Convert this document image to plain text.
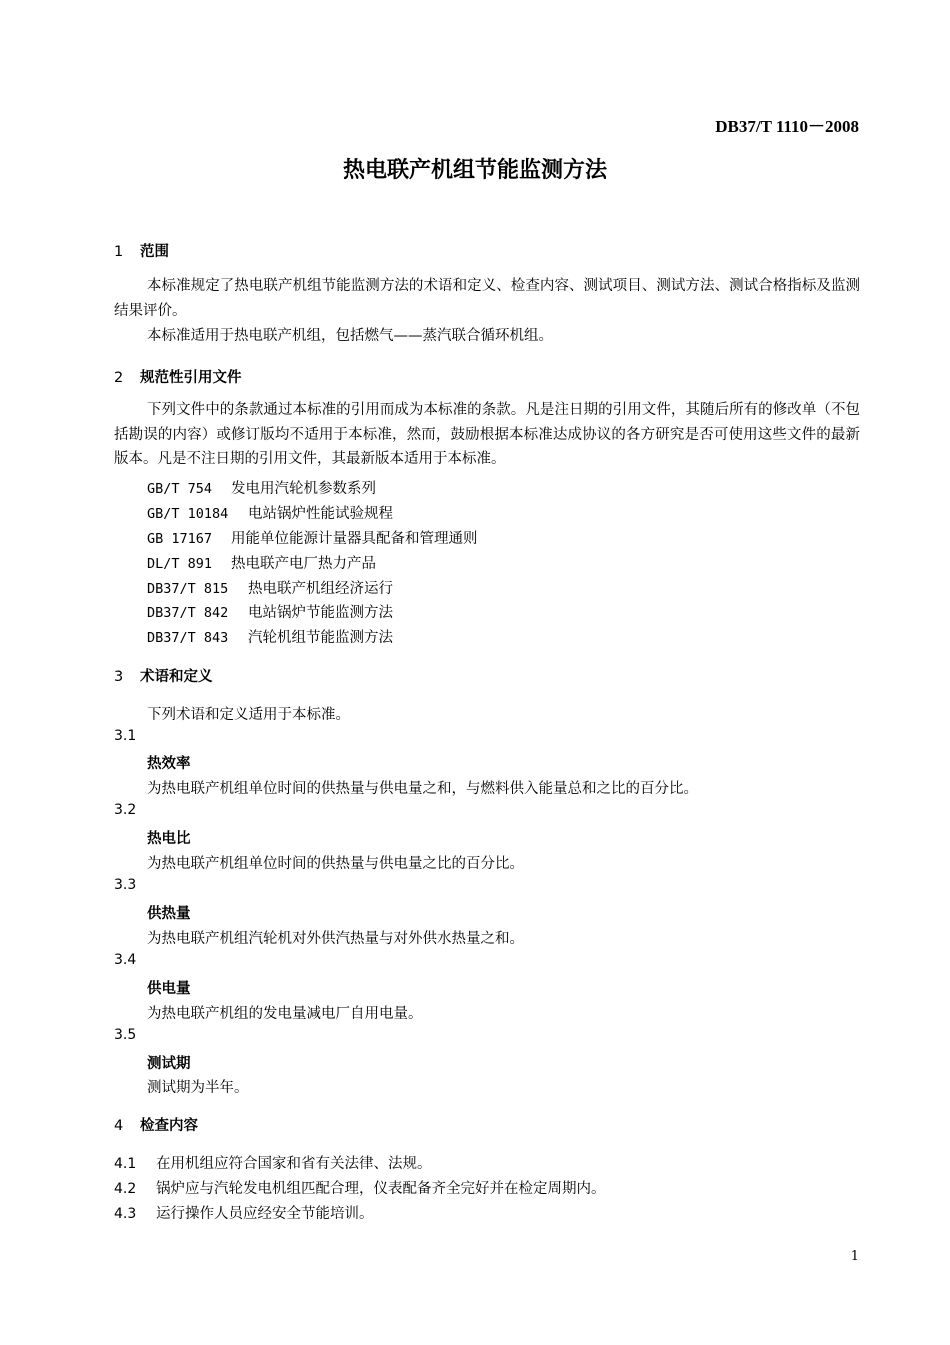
DB37/T 1110－2008
热电联产机组节能监测方法
1 范围
本标准规定了热电联产机组节能监测方法的术语和定义、检查内容、测试项目、测试方法、测试合格指标及监测结果评价。
本标准适用于热电联产机组，包括燃气——蒸汽联合循环机组。
2 规范性引用文件
下列文件中的条款通过本标准的引用而成为本标准的条款。凡是注日期的引用文件，其随后所有的修改单（不包括勘误的内容）或修订版均不适用于本标准，然而，鼓励根据本标准达成协议的各方研究是否可使用这些文件的最新版本。凡是不注日期的引用文件，其最新版本适用于本标准。
GB/T 754 发电用汽轮机参数系列
GB/T 10184 电站锅炉性能试验规程
GB 17167 用能单位能源计量器具配备和管理通则
DL/T 891 热电联产电厂热力产品
DB37/T 815 热电联产机组经济运行
DB37/T 842 电站锅炉节能监测方法
DB37/T 843 汽轮机组节能监测方法
3 术语和定义
下列术语和定义适用于本标准。
3.1
热效率
为热电联产机组单位时间的供热量与供电量之和，与燃料供入能量总和之比的百分比。
3.2
热电比
为热电联产机组单位时间的供热量与供电量之比的百分比。
3.3
供热量
为热电联产机组汽轮机对外供汽热量与对外供水热量之和。
3.4
供电量
为热电联产机组的发电量减电厂自用电量。
3.5
测试期
测试期为半年。
4 检查内容
4.1 在用机组应符合国家和省有关法律、法规。
4.2 锅炉应与汽轮发电机组匹配合理，仪表配备齐全完好并在检定周期内。
4.3 运行操作人员应经安全节能培训。
1
